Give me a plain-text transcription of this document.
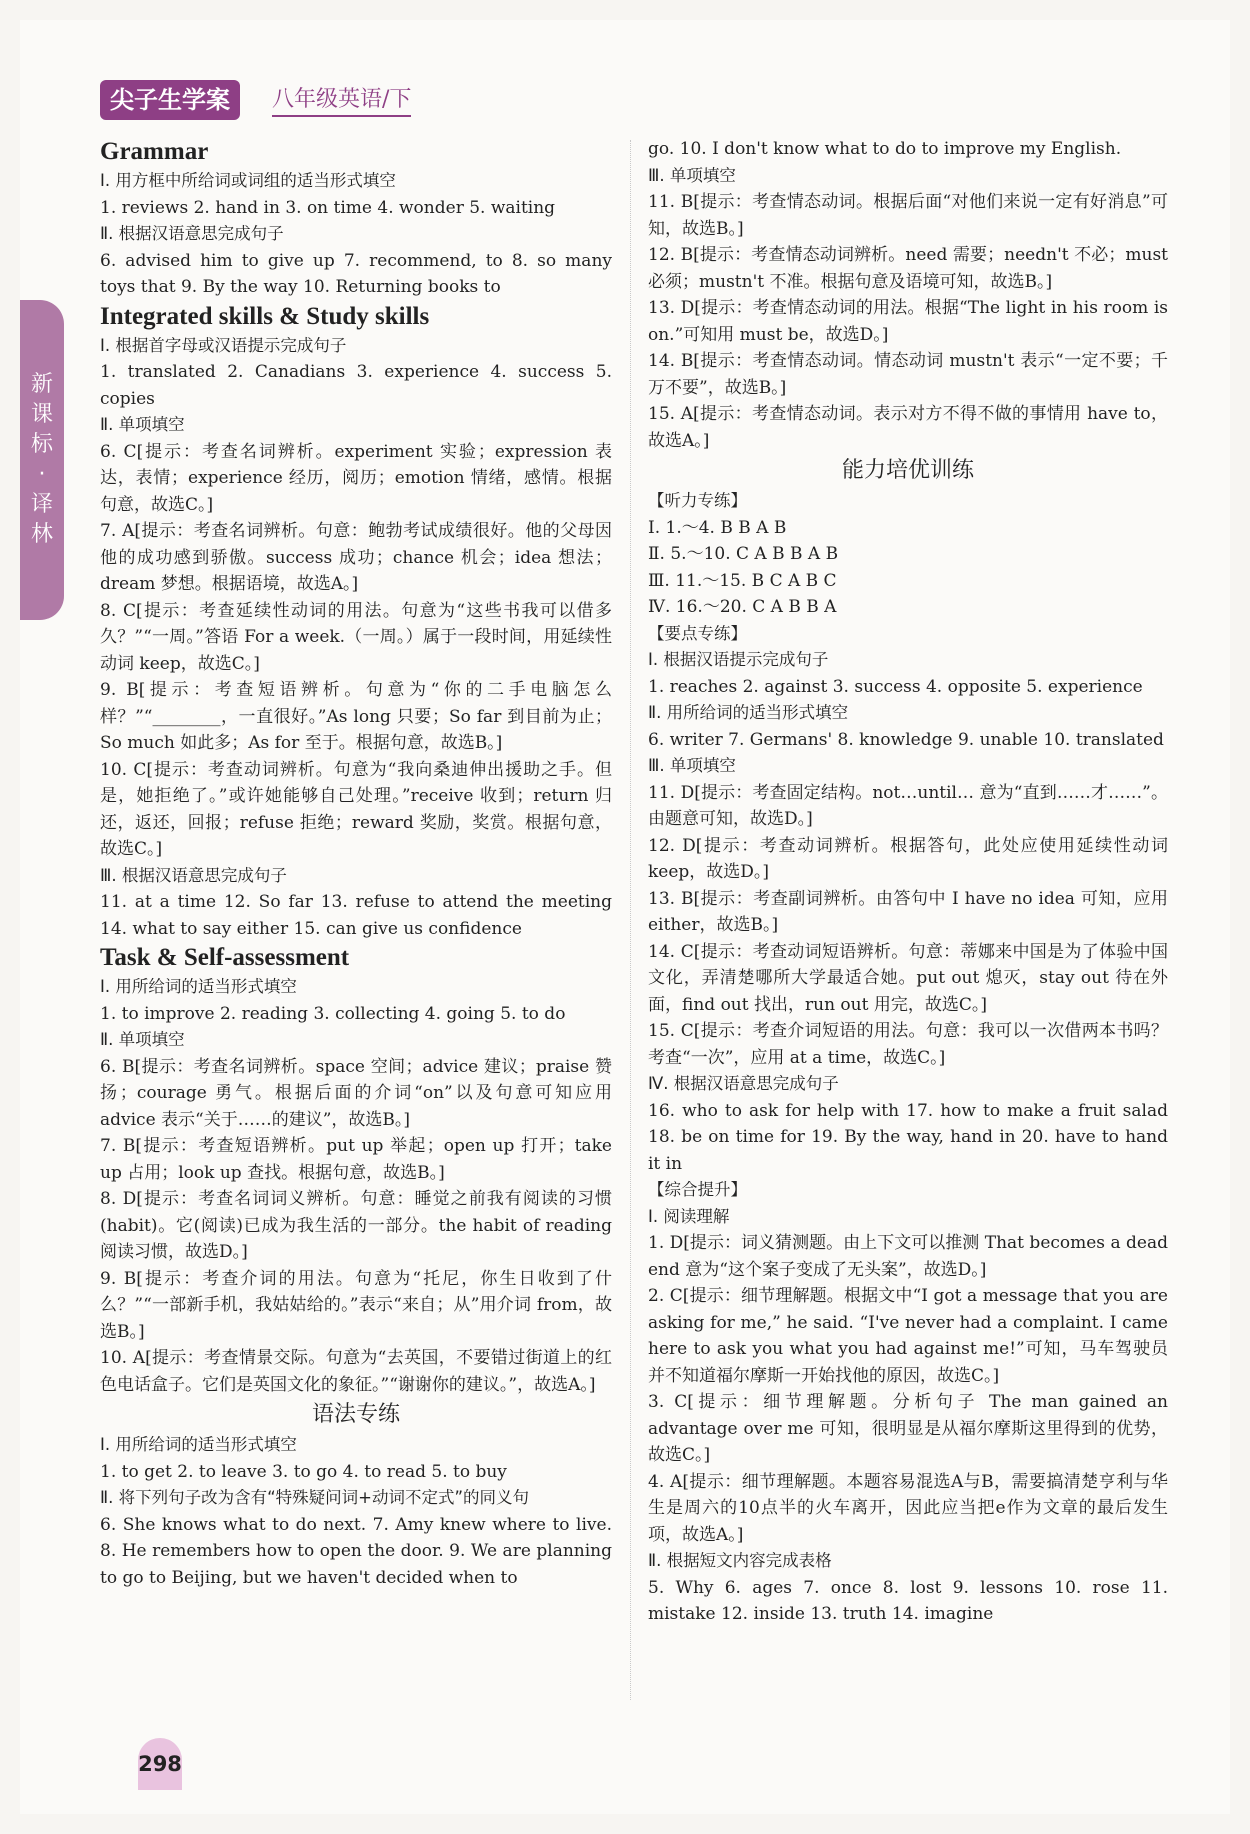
尖子生学案	八年级英语/下
新
课
标
·
译
林
Grammar
Ⅰ. 用方框中所给词或词组的适当形式填空
1. reviews 2. hand in 3. on time 4. wonder 5. waiting
Ⅱ. 根据汉语意思完成句子
6. advised him to give up 7. recommend, to 8. so many toys that 9. By the way 10. Returning books to
Integrated skills & Study skills
Ⅰ. 根据首字母或汉语提示完成句子
1. translated 2. Canadians 3. experience 4. success 5. copies
Ⅱ. 单项填空
6. C[提示：考查名词辨析。experiment 实验；expression 表达，表情；experience 经历，阅历；emotion 情绪，感情。根据句意，故选C。]
7. A[提示：考查名词辨析。句意：鲍勃考试成绩很好。他的父母因他的成功感到骄傲。success 成功；chance 机会；idea 想法；dream 梦想。根据语境，故选A。]
8. C[提示：考查延续性动词的用法。句意为“这些书我可以借多久？”“一周。”答语 For a week.（一周。）属于一段时间，用延续性动词 keep，故选C。]
9. B[提示：考查短语辨析。句意为“你的二手电脑怎么样？”“________，一直很好。”As long 只要；So far 到目前为止；So much 如此多；As for 至于。根据句意，故选B。]
10. C[提示：考查动词辨析。句意为“我向桑迪伸出援助之手。但是，她拒绝了。”或许她能够自己处理。”receive 收到；return 归还，返还，回报；refuse 拒绝；reward 奖励，奖赏。根据句意，故选C。]
Ⅲ. 根据汉语意思完成句子
11. at a time 12. So far 13. refuse to attend the meeting 14. what to say either 15. can give us confidence
Task & Self-assessment
Ⅰ. 用所给词的适当形式填空
1. to improve 2. reading 3. collecting 4. going 5. to do
Ⅱ. 单项填空
6. B[提示：考查名词辨析。space 空间；advice 建议；praise 赞扬；courage 勇气。根据后面的介词“on”以及句意可知应用 advice 表示“关于……的建议”，故选B。]
7. B[提示：考查短语辨析。put up 举起；open up 打开；take up 占用；look up 查找。根据句意，故选B。]
8. D[提示：考查名词词义辨析。句意：睡觉之前我有阅读的习惯(habit)。它(阅读)已成为我生活的一部分。the habit of reading 阅读习惯，故选D。]
9. B[提示：考查介词的用法。句意为“托尼，你生日收到了什么？”“一部新手机，我姑姑给的。”表示“来自；从”用介词 from，故选B。]
10. A[提示：考查情景交际。句意为“去英国，不要错过街道上的红色电话盒子。它们是英国文化的象征。”“谢谢你的建议。”，故选A。]
语法专练
Ⅰ. 用所给词的适当形式填空
1. to get 2. to leave 3. to go 4. to read 5. to buy
Ⅱ. 将下列句子改为含有“特殊疑问词+动词不定式”的同义句
6. She knows what to do next. 7. Amy knew where to live. 8. He remembers how to open the door. 9. We are planning to go to Beijing, but we haven't decided when to
go. 10. I don't know what to do to improve my English.
Ⅲ. 单项填空
11. B[提示：考查情态动词。根据后面“对他们来说一定有好消息”可知，故选B。]
12. B[提示：考查情态动词辨析。need 需要；needn't 不必；must 必须；mustn't 不准。根据句意及语境可知，故选B。]
13. D[提示：考查情态动词的用法。根据“The light in his room is on.”可知用 must be，故选D。]
14. B[提示：考查情态动词。情态动词 mustn't 表示“一定不要；千万不要”，故选B。]
15. A[提示：考查情态动词。表示对方不得不做的事情用 have to，故选A。]
能力培优训练
【听力专练】
Ⅰ. 1.～4. B B A B
Ⅱ. 5.～10. C A B B A B
Ⅲ. 11.～15. B C A B C
Ⅳ. 16.～20. C A B B A
【要点专练】
Ⅰ. 根据汉语提示完成句子
1. reaches 2. against 3. success 4. opposite 5. experience
Ⅱ. 用所给词的适当形式填空
6. writer 7. Germans' 8. knowledge 9. unable 10. translated
Ⅲ. 单项填空
11. D[提示：考查固定结构。not…until… 意为“直到……才……”。由题意可知，故选D。]
12. D[提示：考查动词辨析。根据答句，此处应使用延续性动词 keep，故选D。]
13. B[提示：考查副词辨析。由答句中 I have no idea 可知，应用 either，故选B。]
14. C[提示：考查动词短语辨析。句意：蒂娜来中国是为了体验中国文化，弄清楚哪所大学最适合她。put out 熄灭，stay out 待在外面，find out 找出，run out 用完，故选C。]
15. C[提示：考查介词短语的用法。句意：我可以一次借两本书吗？考查“一次”，应用 at a time，故选C。]
Ⅳ. 根据汉语意思完成句子
16. who to ask for help with 17. how to make a fruit salad 18. be on time for 19. By the way, hand in 20. have to hand it in
【综合提升】
Ⅰ. 阅读理解
1. D[提示：词义猜测题。由上下文可以推测 That becomes a dead end 意为“这个案子变成了无头案”，故选D。]
2. C[提示：细节理解题。根据文中“I got a message that you are asking for me,” he said. “I've never had a complaint. I came here to ask you what you had against me!”可知，马车驾驶员并不知道福尔摩斯一开始找他的原因，故选C。]
3. C[提示：细节理解题。分析句子 The man gained an advantage over me 可知，很明显是从福尔摩斯这里得到的优势，故选C。]
4. A[提示：细节理解题。本题容易混选A与B，需要搞清楚亨利与华生是周六的10点半的火车离开，因此应当把e作为文章的最后发生项，故选A。]
Ⅱ. 根据短文内容完成表格
5. Why 6. ages 7. once 8. lost 9. lessons 10. rose 11. mistake 12. inside 13. truth 14. imagine
298
